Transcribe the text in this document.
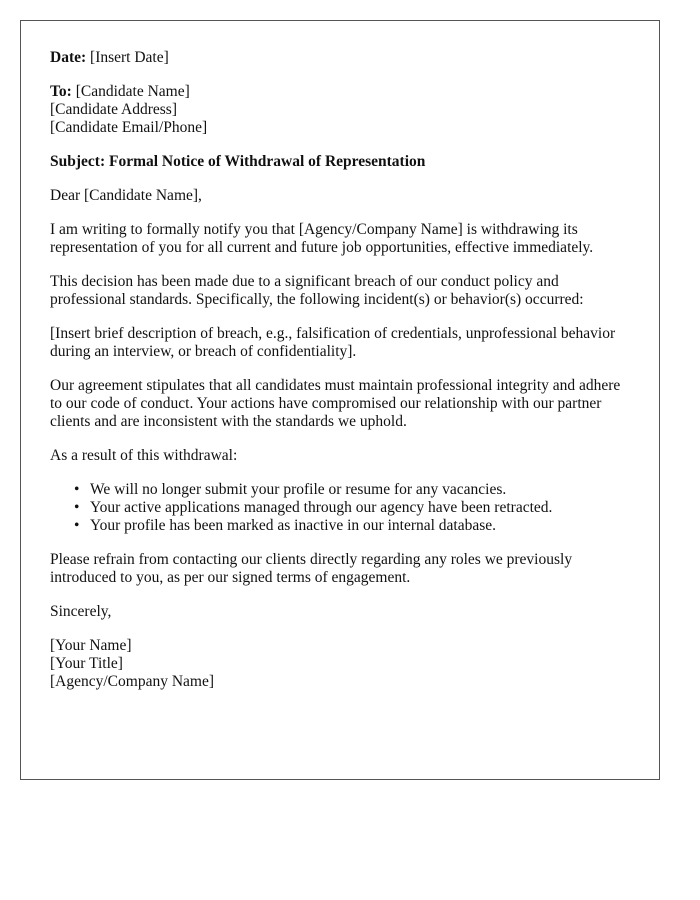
Date: [Insert Date]

To: [Candidate Name]
[Candidate Address]
[Candidate Email/Phone]

Subject: Formal Notice of Withdrawal of Representation

Dear [Candidate Name],

I am writing to formally notify you that [Agency/Company Name] is withdrawing its representation of you for all current and future job opportunities, effective immediately.

This decision has been made due to a significant breach of our conduct policy and professional standards. Specifically, the following incident(s) or behavior(s) occurred:

[Insert brief description of breach, e.g., falsification of credentials, unprofessional behavior during an interview, or breach of confidentiality].

Our agreement stipulates that all candidates must maintain professional integrity and adhere to our code of conduct. Your actions have compromised our relationship with our partner clients and are inconsistent with the standards we uphold.

As a result of this withdrawal:

• We will no longer submit your profile or resume for any vacancies.
• Your active applications managed through our agency have been retracted.
• Your profile has been marked as inactive in our internal database.

Please refrain from contacting our clients directly regarding any roles we previously introduced to you, as per our signed terms of engagement.

Sincerely,

[Your Name]
[Your Title]
[Agency/Company Name]
